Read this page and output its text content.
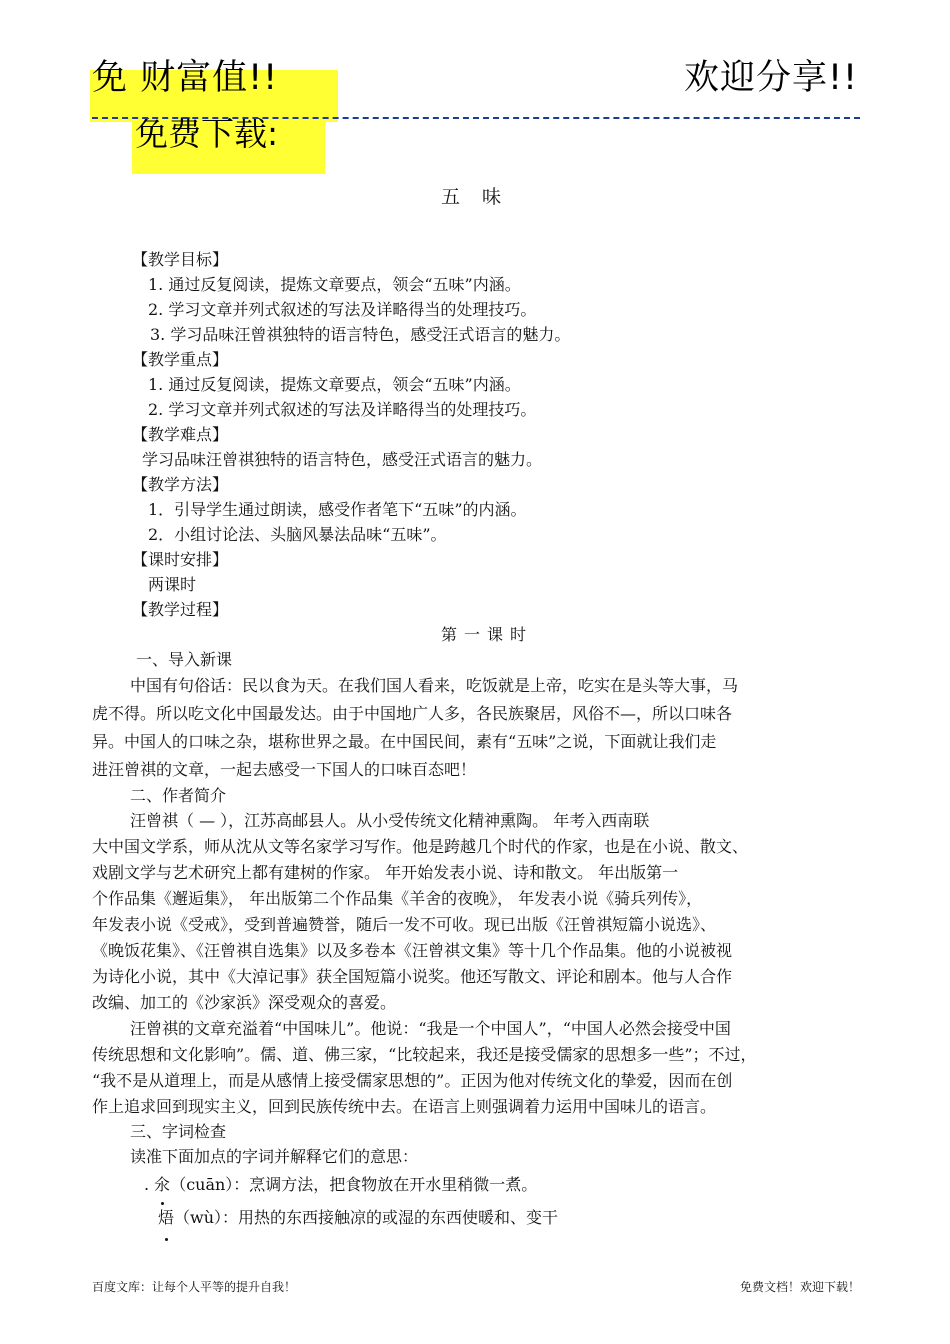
免 财富值!!
免费下载:
欢迎分享!!
五 味
【教学目标】
1. 通过反复阅读，提炼文章要点，领会“五味”内涵。
2. 学习文章并列式叙述的写法及详略得当的处理技巧。
3. 学习品味汪曾祺独特的语言特色，感受汪式语言的魅力。
【教学重点】
1. 通过反复阅读，提炼文章要点，领会“五味”内涵。
2. 学习文章并列式叙述的写法及详略得当的处理技巧。
【教学难点】
学习品味汪曾祺独特的语言特色，感受汪式语言的魅力。
【教学方法】
1．引导学生通过朗读，感受作者笔下“五味”的内涵。
2．小组讨论法、头脑风暴法品味“五味”。
【课时安排】
两课时
【教学过程】
第一课时
一、导入新课
中国有句俗话：民以食为天。在我们国人看来，吃饭就是上帝，吃实在是头等大事，马
虎不得。所以吃文化中国最发达。由于中国地广人多，各民族聚居，风俗不—，所以口味各
异。中国人的口味之杂，堪称世界之最。在中国民间，素有“五味”之说，下面就让我们走
进汪曾祺的文章，一起去感受一下国人的口味百态吧！
二、作者简介
汪曾祺（ — ），江苏高邮县人。从小受传统文化精神熏陶。 年考入西南联
大中国文学系，师从沈从文等名家学习写作。他是跨越几个时代的作家，也是在小说、散文、
戏剧文学与艺术研究上都有建树的作家。 年开始发表小说、诗和散文。 年出版第一
个作品集《邂逅集》， 年出版第二个作品集《羊舍的夜晚》， 年发表小说《骑兵列传》，
年发表小说《受戒》，受到普遍赞誉，随后一发不可收。现已出版《汪曾祺短篇小说选》、
《晚饭花集》、《汪曾祺自选集》以及多卷本《汪曾祺文集》等十几个作品集。他的小说被视
为诗化小说，其中《大淖记事》获全国短篇小说奖。他还写散文、评论和剧本。他与人合作
改编、加工的《沙家浜》深受观众的喜爱。
汪曾祺的文章充溢着“中国味儿”。他说：“我是一个中国人”，“中国人必然会接受中国
传统思想和文化影响”。儒、道、佛三家，“比较起来，我还是接受儒家的思想多一些”；不过，
“我不是从道理上，而是从感情上接受儒家思想的”。正因为他对传统文化的挚爱，因而在创
作上追求回到现实主义，回到民族传统中去。在语言上则强调着力运用中国味儿的语言。
三、字词检查
读准下面加点的字词并解释它们的意思：
. 氽（cuān）：烹调方法，把食物放在开水里稍微一煮。
焐（wù）：用热的东西接触凉的或湿的东西使暖和、变干
百度文库：让每个人平等的提升自我！	免费文档！欢迎下载！
